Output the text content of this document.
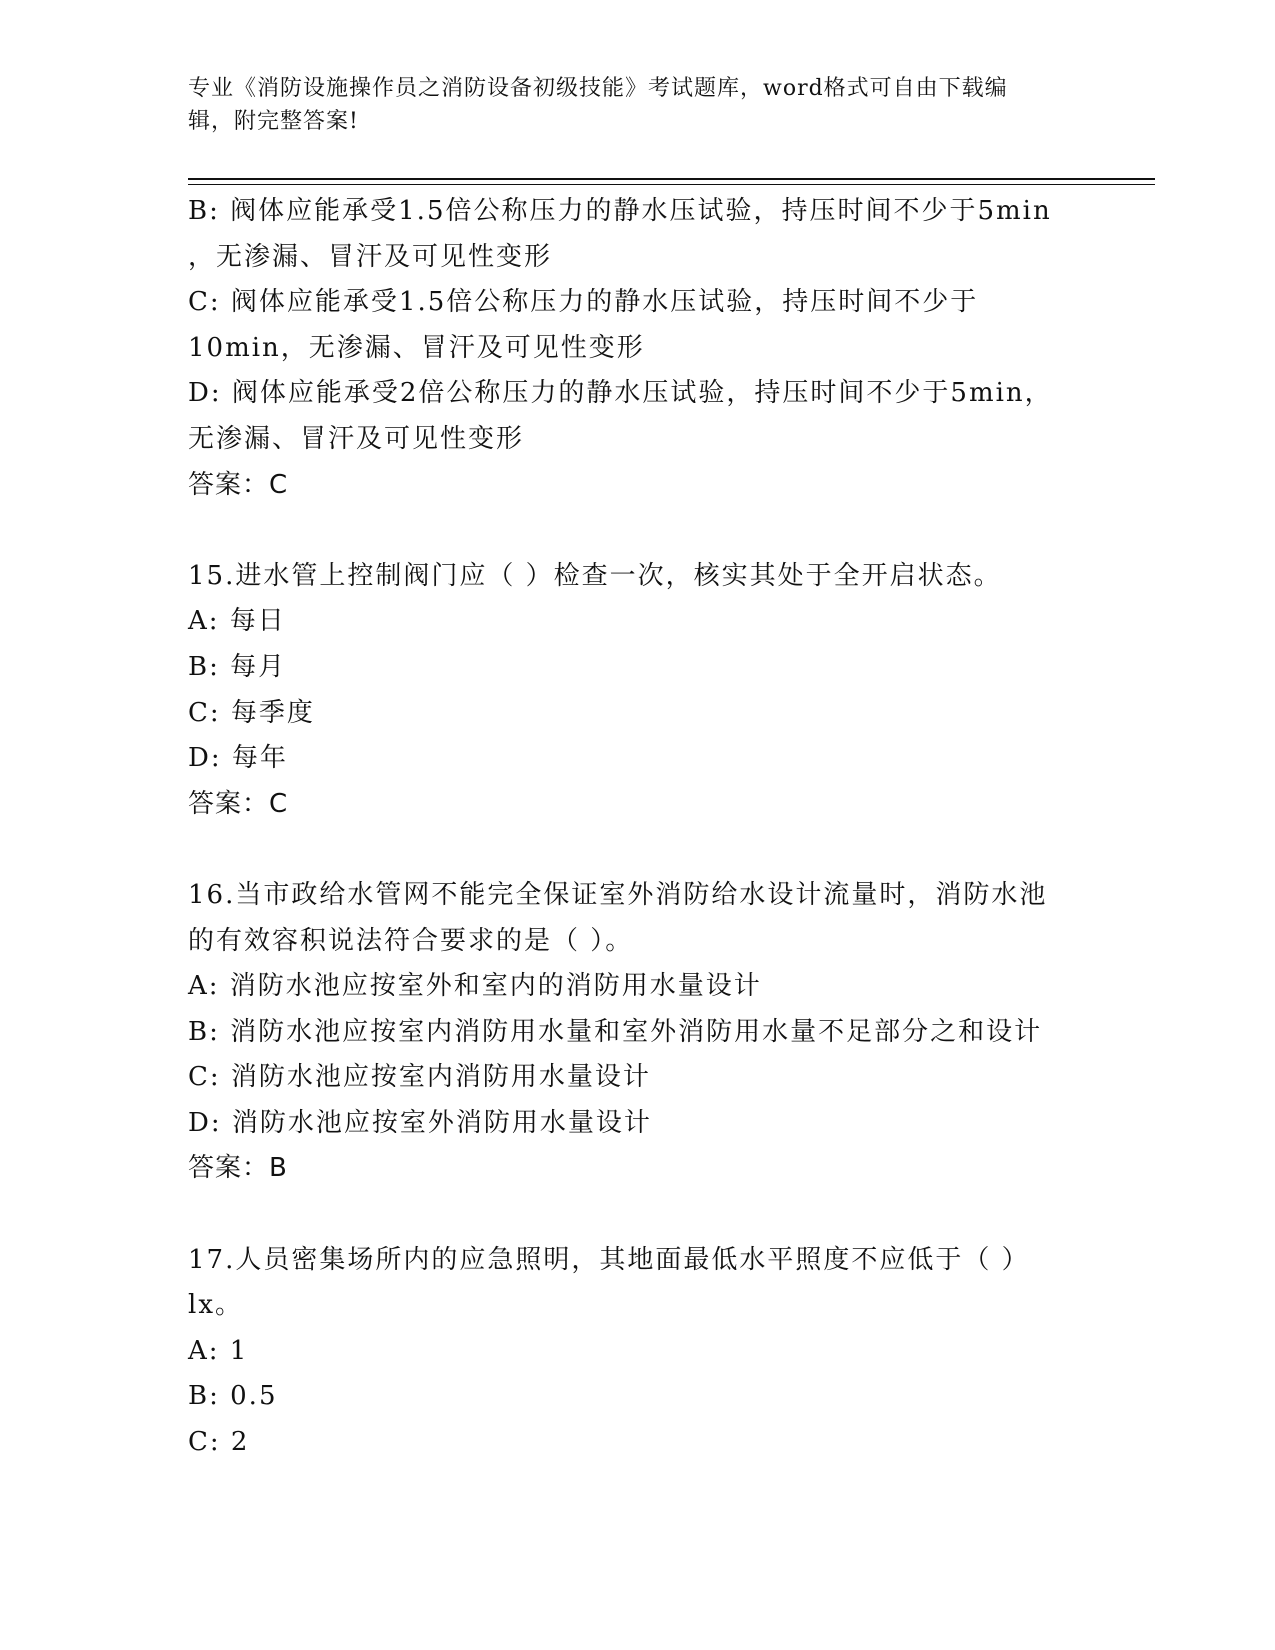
专业《消防设施操作员之消防设备初级技能》考试题库，word格式可自由下载编
辑，附完整答案!
B: 阀体应能承受1.5倍公称压力的静水压试验，持压时间不少于5min
，无渗漏、冒汗及可见性变形
C: 阀体应能承受1.5倍公称压力的静水压试验，持压时间不少于
10min，无渗漏、冒汗及可见性变形
D: 阀体应能承受2倍公称压力的静水压试验，持压时间不少于5min，
无渗漏、冒汗及可见性变形
答案：C
15.进水管上控制阀门应（ ）检查一次，核实其处于全开启状态。
A: 每日
B: 每月
C: 每季度
D: 每年
答案：C
16.当市政给水管网不能完全保证室外消防给水设计流量时，消防水池
的有效容积说法符合要求的是（ ）。
A: 消防水池应按室外和室内的消防用水量设计
B: 消防水池应按室内消防用水量和室外消防用水量不足部分之和设计
C: 消防水池应按室内消防用水量设计
D: 消防水池应按室外消防用水量设计
答案：B
17.人员密集场所内的应急照明，其地面最低水平照度不应低于（ ）
lx。
A: 1
B: 0.5
C: 2
